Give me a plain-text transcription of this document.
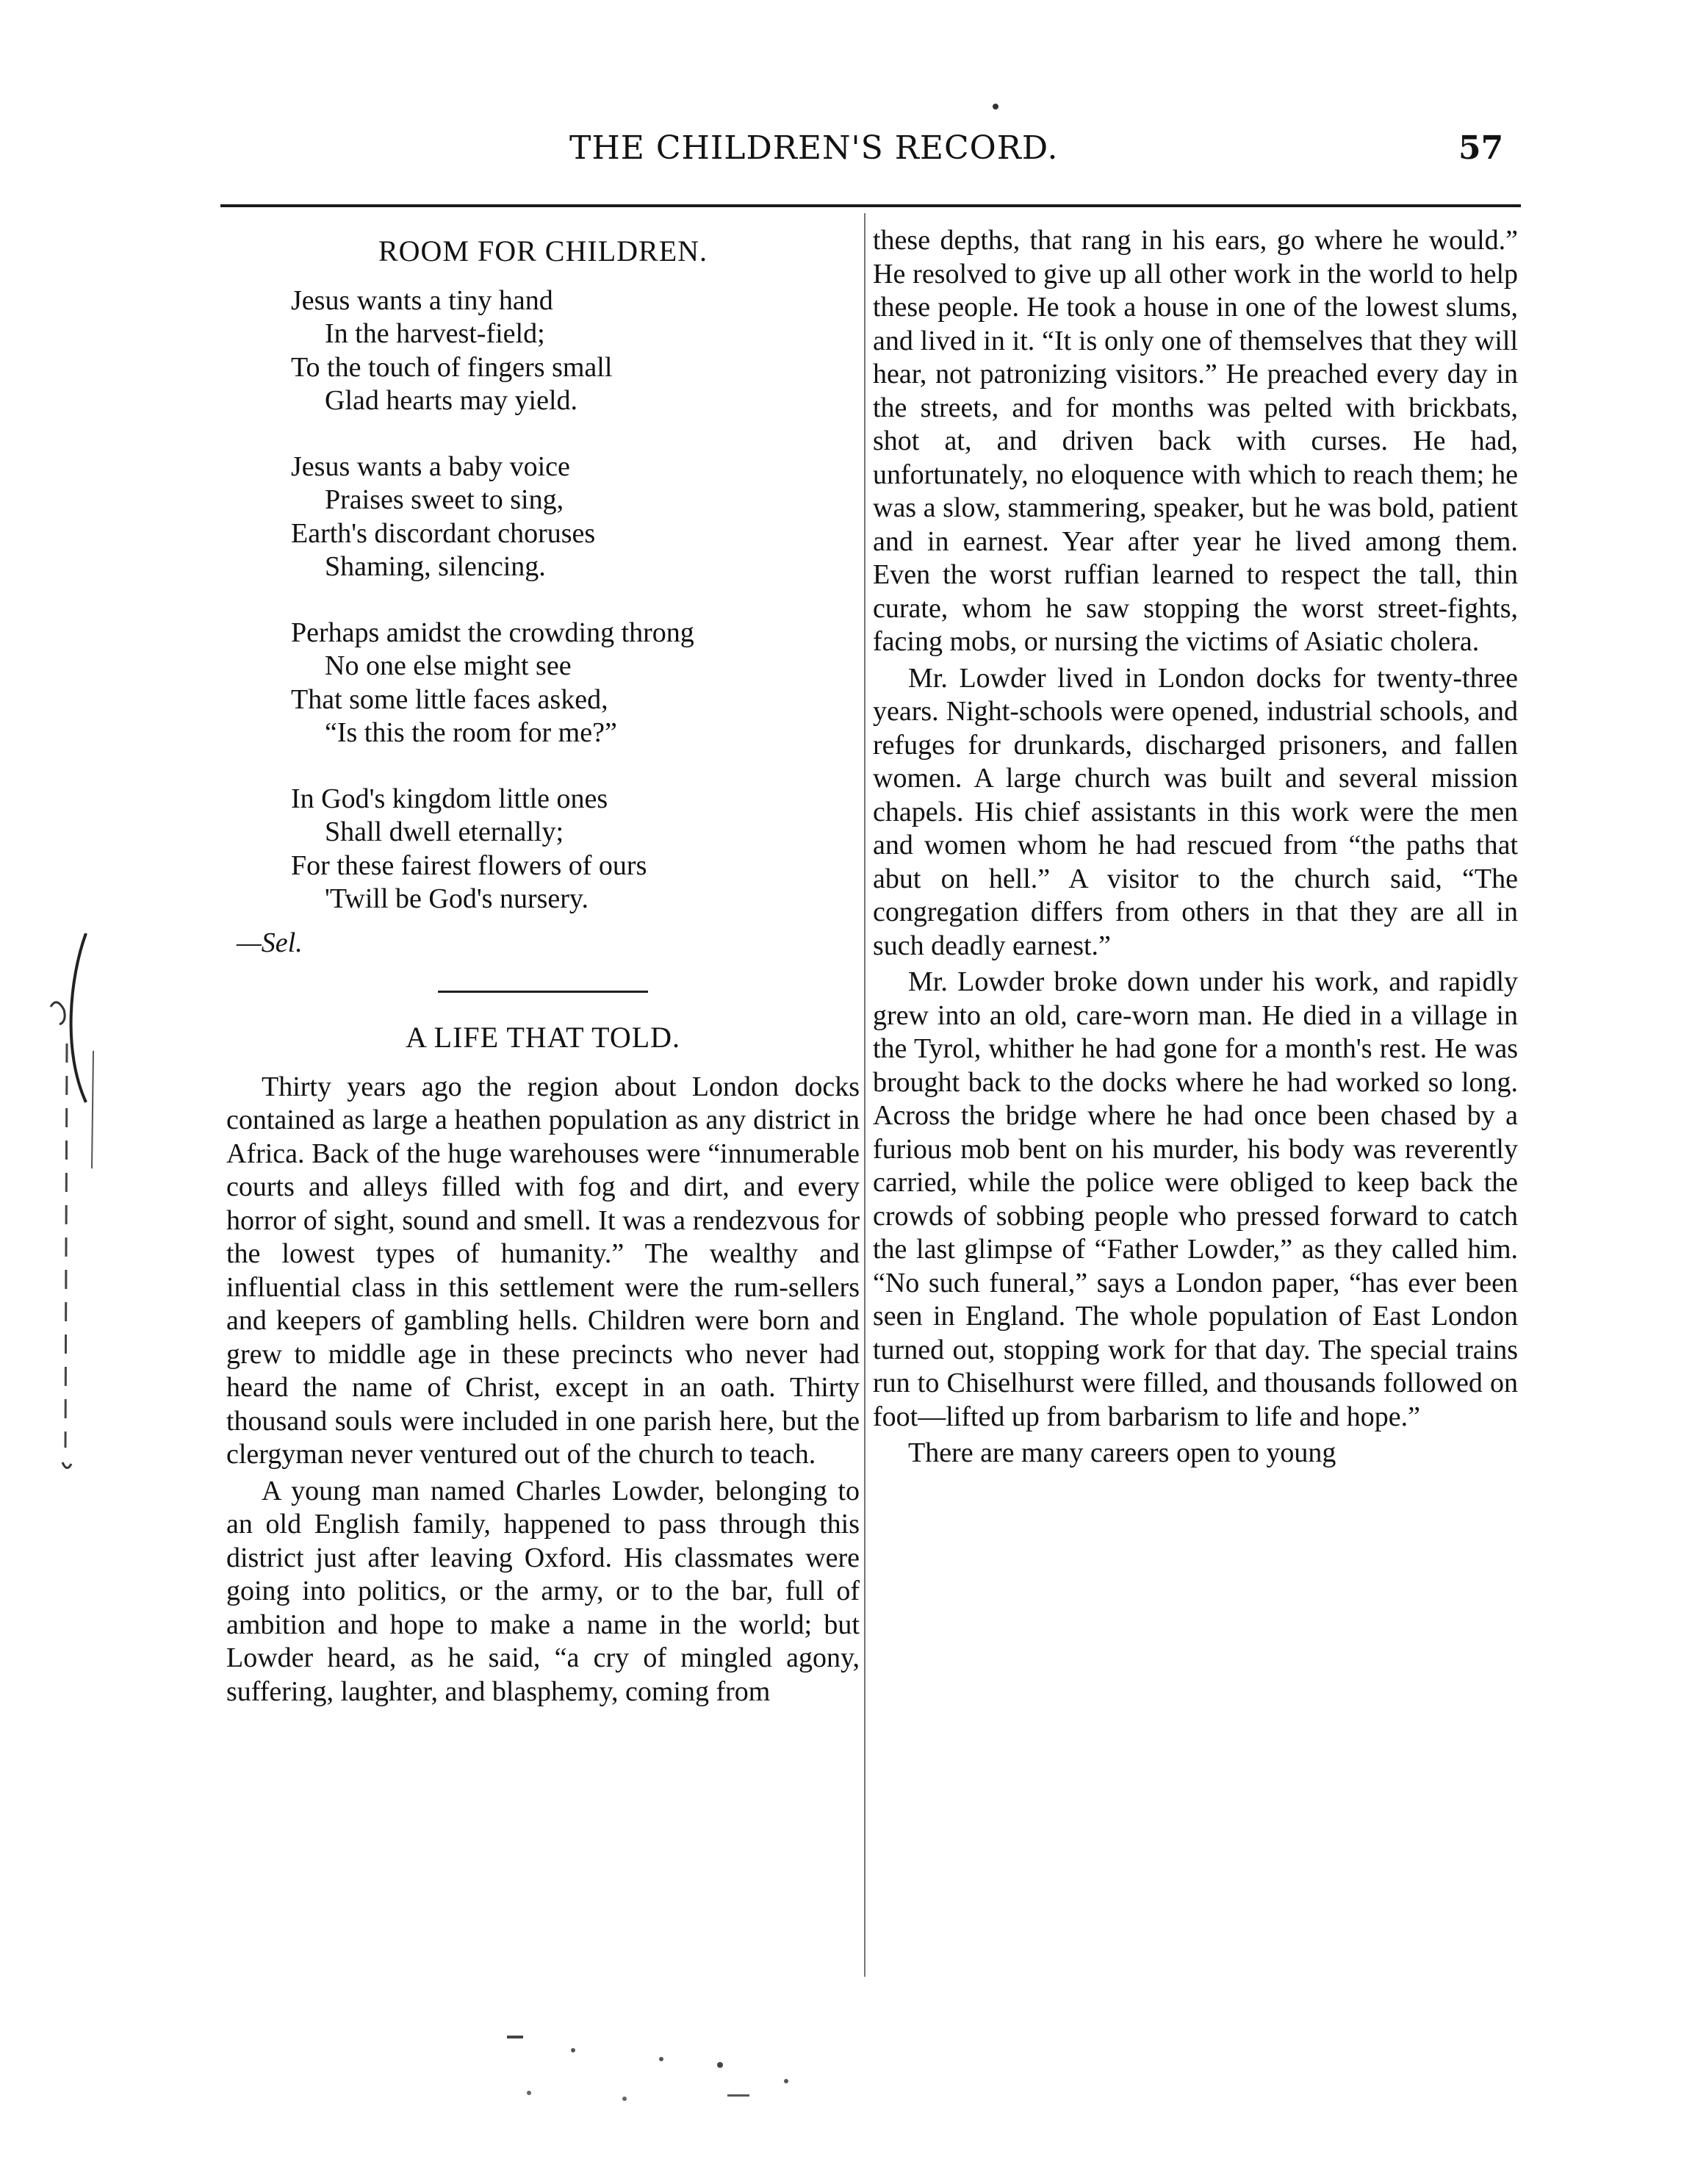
THE CHILDREN'S RECORD.	57
ROOM FOR CHILDREN.
Jesus wants a tiny hand
In the harvest-field;
To the touch of fingers small
Glad hearts may yield.
Jesus wants a baby voice
Praises sweet to sing,
Earth's discordant choruses
Shaming, silencing.
Perhaps amidst the crowding throng
No one else might see
That some little faces asked,
“Is this the room for me?”
In God's kingdom little ones
Shall dwell eternally;
For these fairest flowers of ours
'Twill be God's nursery.
—Sel.
A LIFE THAT TOLD.

Thirty years ago the region about London docks contained as large a heathen population as any district in Africa. Back of the huge warehouses were “innumerable courts and alleys filled with fog and dirt, and every horror of sight, sound and smell. It was a rendezvous for the lowest types of humanity.” The wealthy and influential class in this settlement were the rum-sellers and keepers of gambling hells. Children were born and grew to middle age in these precincts who never had heard the name of Christ, except in an oath. Thirty thousand souls were included in one parish here, but the clergyman never ventured out of the church to teach.

A young man named Charles Lowder, belonging to an old English family, happened to pass through this district just after leaving Oxford. His classmates were going into politics, or the army, or to the bar, full of ambition and hope to make a name in the world; but Lowder heard, as he said, “a cry of mingled agony, suffering, laughter, and blasphemy, coming from

these depths, that rang in his ears, go where he would.” He resolved to give up all other work in the world to help these people. He took a house in one of the lowest slums, and lived in it. “It is only one of themselves that they will hear, not patronizing visitors.” He preached every day in the streets, and for months was pelted with brickbats, shot at, and driven back with curses. He had, unfortunately, no eloquence with which to reach them; he was a slow, stammering, speaker, but he was bold, patient and in earnest. Year after year he lived among them. Even the worst ruffian learned to respect the tall, thin curate, whom he saw stopping the worst street-fights, facing mobs, or nursing the victims of Asiatic cholera.

Mr. Lowder lived in London docks for twenty-three years. Night-schools were opened, industrial schools, and refuges for drunkards, discharged prisoners, and fallen women. A large church was built and several mission chapels. His chief assistants in this work were the men and women whom he had rescued from “the paths that abut on hell.” A visitor to the church said, “The congregation differs from others in that they are all in such deadly earnest.”

Mr. Lowder broke down under his work, and rapidly grew into an old, care-worn man. He died in a village in the Tyrol, whither he had gone for a month's rest. He was brought back to the docks where he had worked so long. Across the bridge where he had once been chased by a furious mob bent on his murder, his body was reverently carried, while the police were obliged to keep back the crowds of sobbing people who pressed forward to catch the last glimpse of “Father Lowder,” as they called him. “No such funeral,” says a London paper, “has ever been seen in England. The whole population of East London turned out, stopping work for that day. The special trains run to Chiselhurst were filled, and thousands followed on foot—lifted up from barbarism to life and hope.”

There are many careers open to young
